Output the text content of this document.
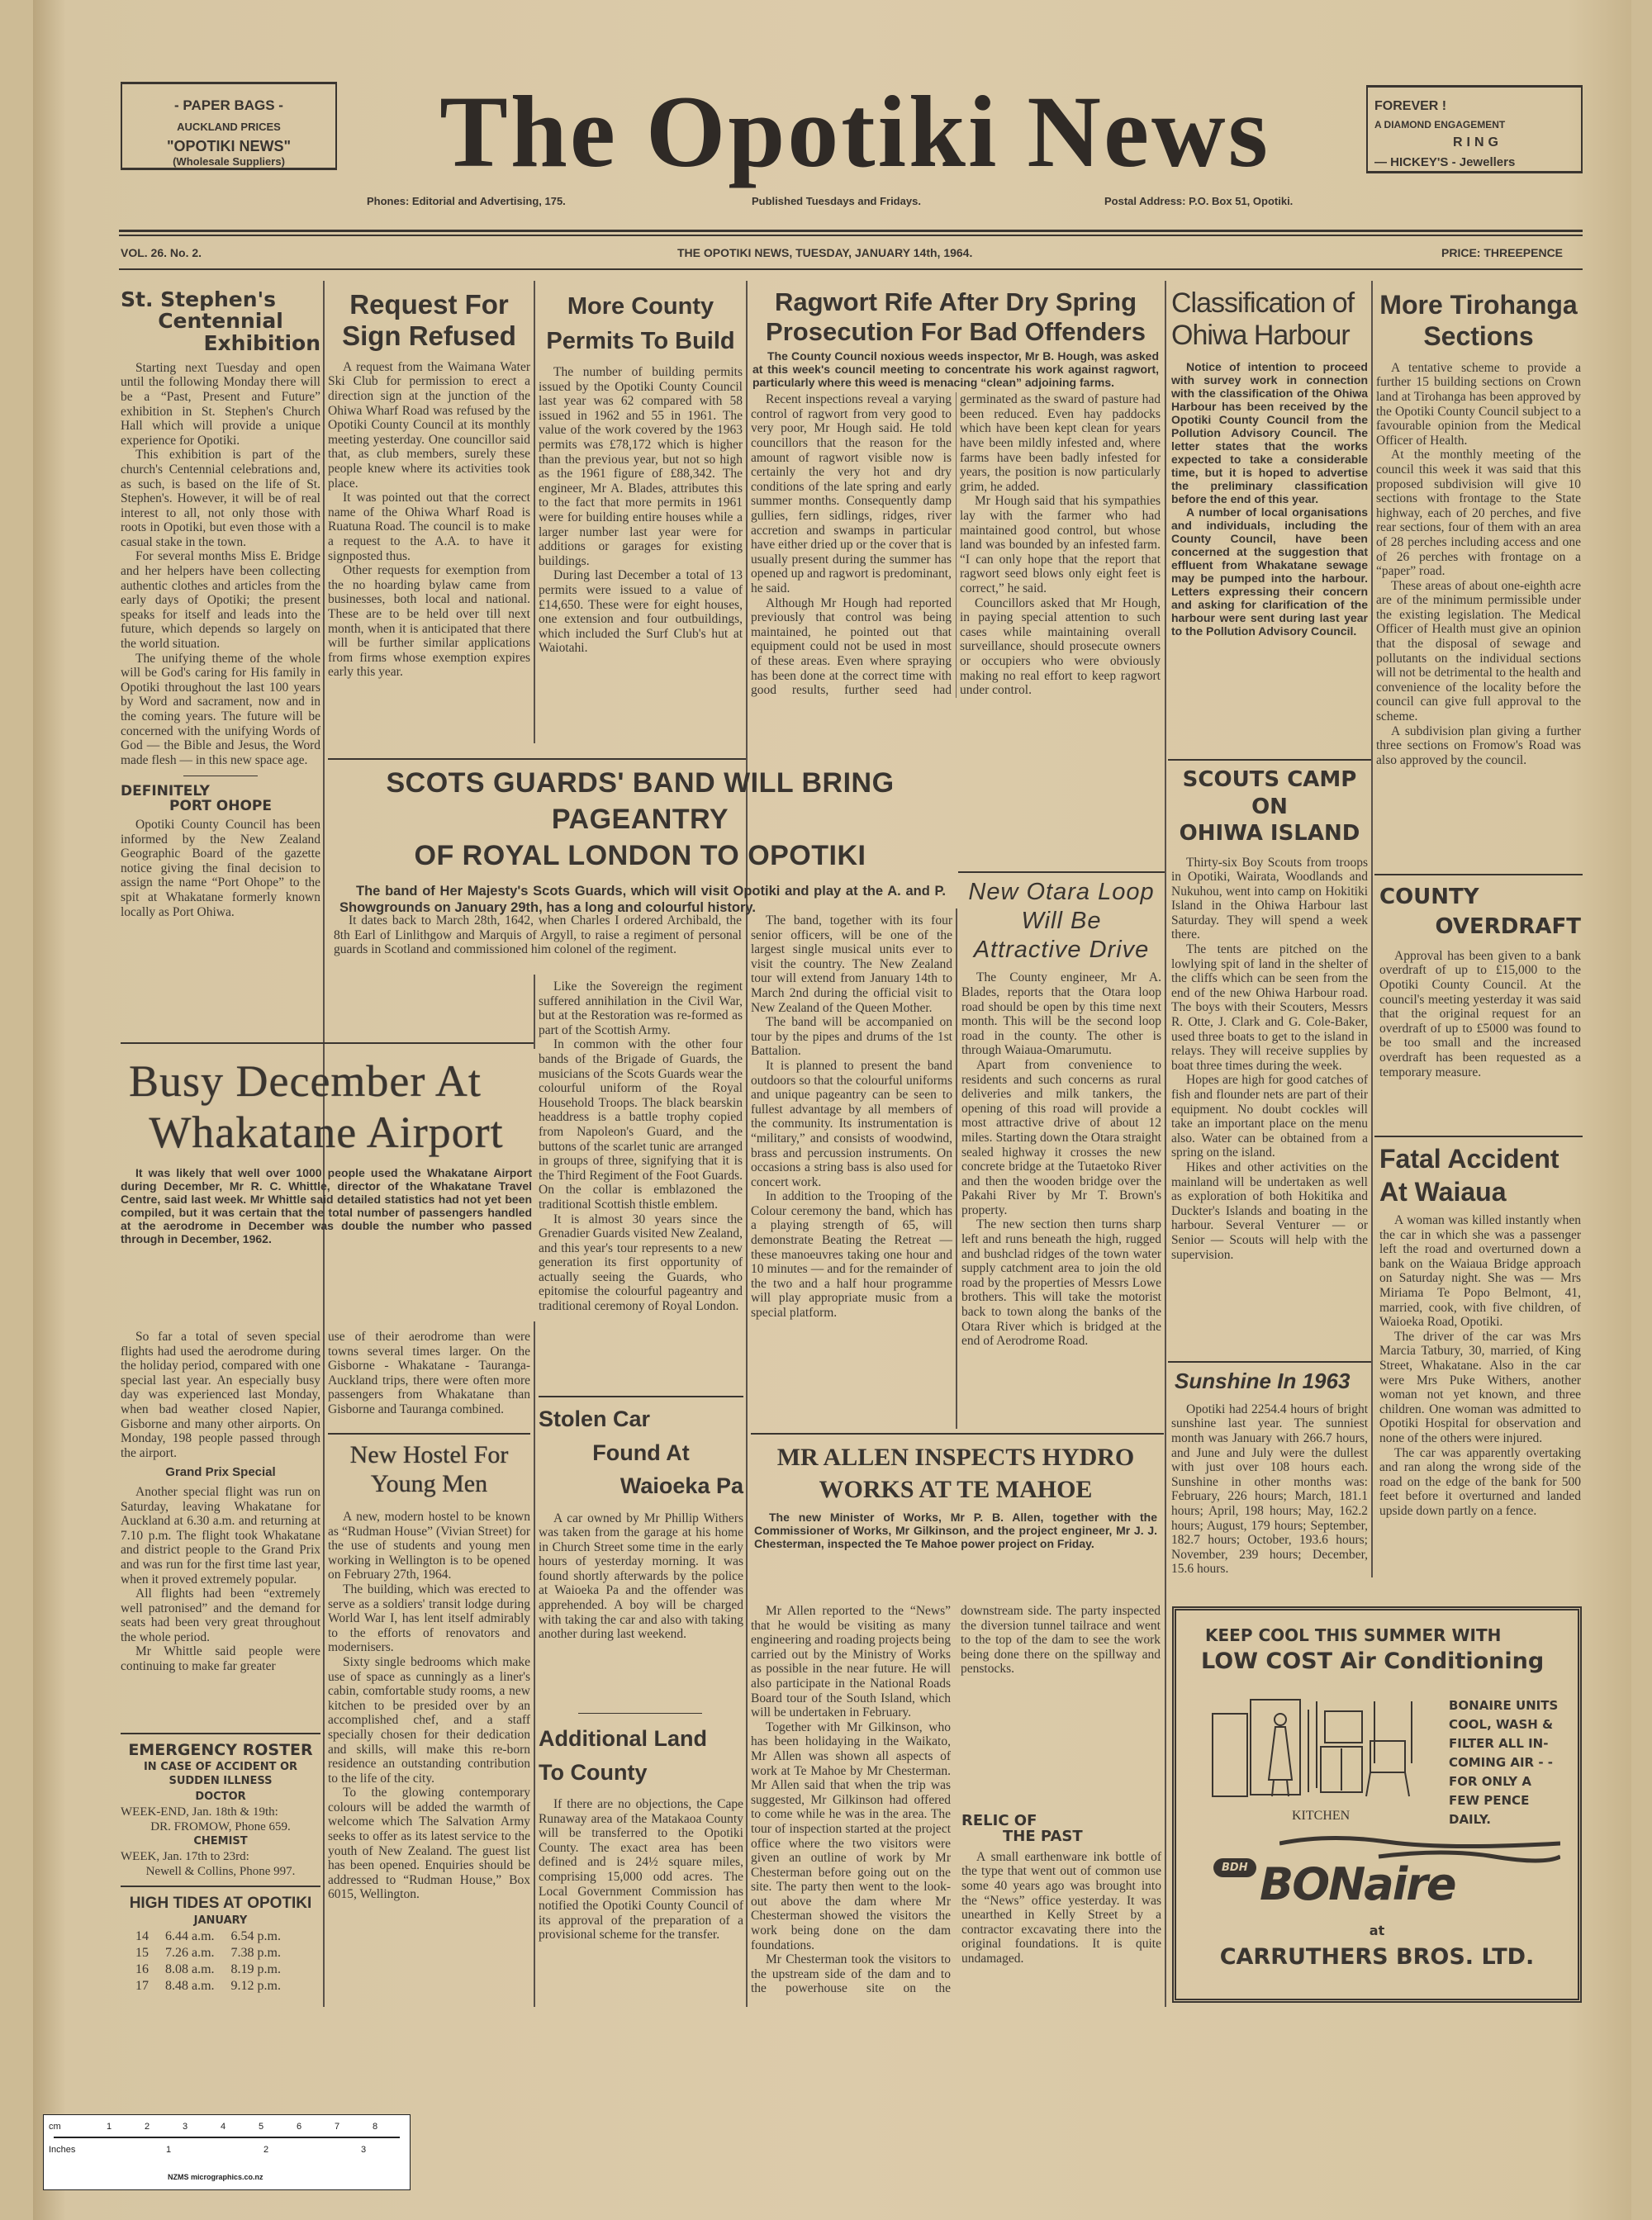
- PAPER BAGS -
AUCKLAND PRICES
"OPOTIKI NEWS"
(Wholesale Suppliers)	The Opotiki News
Phones: Editorial and Advertising, 175.	Published Tuesdays and Fridays.	Postal Address: P.O. Box 51, Opotiki.
FOREVER !
A DIAMOND ENGAGEMENT
RING
— HICKEY'S - Jewellers
VOL. 26. No. 2.	THE OPOTIKI NEWS, TUESDAY, JANUARY 14th, 1964.	PRICE: THREEPENCE
St. Stephen's
Centennial
Exhibition

Starting next Tuesday and open until the following Monday there will be a “Past, Present and Future” exhibition in St. Stephen's Church Hall which will provide a unique experience for Opotiki.

This exhibition is part of the church's Centennial celebrations and, as such, is based on the life of St. Stephen's. However, it will be of real interest to all, not only those with roots in Opotiki, but even those with a casual stake in the town.

For several months Miss E. Bridge and her helpers have been collecting authentic clothes and articles from the early days of Opotiki; the present speaks for itself and leads into the future, which depends so largely on the world situation.

The unifying theme of the whole will be God's caring for His family in Opotiki throughout the last 100 years by Word and sacrament, now and in the coming years. The future will be concerned with the unifying Words of God — the Bible and Jesus, the Word made flesh — in this new space age.

DEFINITELY
PORT OHOPE

Opotiki County Council has been informed by the New Zealand Geographic Board of the gazette notice giving the final decision to assign the name “Port Ohope” to the spit at Whakatane formerly known locally as Port Ohiwa.

Busy December At
Whakatane Airport

It was likely that well over 1000 people used the Whakatane Airport during December, Mr R. C. Whittle, director of the Whakatane Travel Centre, said last week. Mr Whittle said detailed statistics had not yet been compiled, but it was certain that the total number of passengers handled at the aerodrome in December was double the number who passed through in December, 1962.

So far a total of seven special flights had used the aerodrome during the holiday period, compared with one special last year. An especially busy day was experienced last Monday, when bad weather closed Napier, Gisborne and many other airports. On Monday, 198 people passed through the airport.

Grand Prix Special

Another special flight was run on Saturday, leaving Whakatane for Auckland at 6.30 a.m. and returning at 7.10 p.m. The flight took Whakatane and district people to the Grand Prix and was run for the first time last year, when it proved extremely popular.

All flights had been “extremely well patronised” and the demand for seats had been very great throughout the whole period.

Mr Whittle said people were continuing to make far greater

use of their aerodrome than were towns several times larger. On the Gisborne - Whakatane - Tauranga-Auckland trips, there were often more passengers from Whakatane than Gisborne and Tauranga combined.

EMERGENCY ROSTER
IN CASE OF ACCIDENT OR SUDDEN ILLNESS
DOCTOR
WEEK-END, Jan. 18th & 19th:
DR. FROMOW, Phone 659.
CHEMIST
WEEK, Jan. 17th to 23rd:
Newell & Collins, Phone 997.
HIGH TIDES AT OPOTIKI
JANUARY
14	6.44 a.m.	6.54 p.m.
15	7.26 a.m.	7.38 p.m.
16	8.08 a.m.	8.19 p.m.
17	8.48 a.m.	9.12 p.m.
Request For
Sign Refused

A request from the Waimana Water Ski Club for permission to erect a direction sign at the junction of the Ohiwa Wharf Road was refused by the Opotiki County Council at its monthly meeting yesterday. One councillor said that, as club members, surely these people knew where its activities took place.

It was pointed out that the correct name of the Ohiwa Wharf Road is Ruatuna Road. The council is to make a request to the A.A. to have it signposted thus.

Other requests for exemption from the no hoarding bylaw came from businesses, both local and national. These are to be held over till next month, when it is anticipated that there will be further similar applications from firms whose exemption expires early this year.

More County
Permits To Build

The number of building permits issued by the Opotiki County Council last year was 62 compared with 58 issued in 1962 and 55 in 1961. The value of the work covered by the 1963 permits was £78,172 which is higher than the previous year, but not so high as the 1961 figure of £88,342. The engineer, Mr A. Blades, attributes this to the fact that more permits in 1961 were for building entire houses while a larger number last year were for additions or garages for existing buildings.

During last December a total of 13 permits were issued to a value of £14,650. These were for eight houses, one extension and four outbuildings, which included the Surf Club's hut at Waiotahi.

Ragwort Rife After Dry Spring
Prosecution For Bad Offenders

The County Council noxious weeds inspector, Mr B. Hough, was asked at this week's council meeting to concentrate his work against ragwort, particularly where this weed is menacing “clean” adjoining farms.

Recent inspections reveal a varying control of ragwort from very good to very poor, Mr Hough said. He told councillors that the reason for the amount of ragwort visible now is certainly the very hot and dry conditions of the late spring and early summer months. Consequently damp gullies, fern sidlings, ridges, river accretion and swamps in particular have either dried up or the cover that is usually present during the summer has opened up and ragwort is predominant, he said.

Although Mr Hough had reported previously that control was being maintained, he pointed out that equipment could not be used in most of these areas. Even where spraying has been done at the correct time with good results, further seed had germinated as the sward of pasture had been reduced. Even hay paddocks which have been kept clean for years have been mildly infested and, where farms have been badly infested for years, the position is now particularly grim, he added.

Mr Hough said that his sympathies lay with the farmer who had maintained good control, but whose land was bounded by an infested farm. “I can only hope that the report that ragwort seed blows only eight feet is correct,” he said.

Councillors asked that Mr Hough, in paying special attention to such cases while maintaining overall surveillance, should prosecute owners or occupiers who were obviously making no real effort to keep ragwort under control.

SCOTS GUARDS' BAND WILL BRING PAGEANTRY
OF ROYAL LONDON TO OPOTIKI

The band of Her Majesty's Scots Guards, which will visit Opotiki and play at the A. and P. Showgrounds on January 29th, has a long and colourful history.

It dates back to March 28th, 1642, when Charles I ordered Archibald, the 8th Earl of Linlithgow and Marquis of Argyll, to raise a regiment of personal guards in Scotland and commissioned him colonel of the regiment.

Like the Sovereign the regiment suffered annihilation in the Civil War, but at the Restoration was re-formed as part of the Scottish Army.

In common with the other four bands of the Brigade of Guards, the musicians of the Scots Guards wear the colourful uniform of the Royal Household Troops. The black bearskin headdress is a battle trophy copied from Napoleon's Guard, and the buttons of the scarlet tunic are arranged in groups of three, signifying that it is the Third Regiment of the Foot Guards. On the collar is emblazoned the traditional Scottish thistle emblem.

It is almost 30 years since the Grenadier Guards visited New Zealand, and this year's tour represents to a new generation its first opportunity of actually seeing the Guards, who epitomise the colourful pageantry and traditional ceremony of Royal London.

The band, together with its four senior officers, will be one of the largest single musical units ever to visit the country. The New Zealand tour will extend from January 14th to March 2nd during the official visit to New Zealand of the Queen Mother.

The band will be accompanied on tour by the pipes and drums of the 1st Battalion.

It is planned to present the band outdoors so that the colourful uniforms and unique pageantry can be seen to fullest advantage by all members of the community. Its instrumentation is “military,” and consists of woodwind, brass and percussion instruments. On occasions a string bass is also used for concert work.

In addition to the Trooping of the Colour ceremony the band, which has a playing strength of 65, will demonstrate Beating the Retreat — these manoeuvres taking one hour and 10 minutes — and for the remainder of the two and a half hour programme will play appropriate music from a special platform.

New Hostel For
Young Men

A new, modern hostel to be known as “Rudman House” (Vivian Street) for the use of students and young men working in Wellington is to be opened on February 27th, 1964.

The building, which was erected to serve as a soldiers' transit lodge during World War I, has lent itself admirably to the efforts of renovators and modernisers.

Sixty single bedrooms which make use of space as cunningly as a liner's cabin, comfortable study rooms, a new kitchen to be presided over by an accomplished chef, and a staff specially chosen for their dedication and skills, will make this re-born residence an outstanding contribution to the life of the city.

To the glowing contemporary colours will be added the warmth of welcome which The Salvation Army seeks to offer as its latest service to the youth of New Zealand. The guest list has been opened. Enquiries should be addressed to “Rudman House,” Box 6015, Wellington.

Stolen Car
Found At
Waioeka Pa

A car owned by Mr Phillip Withers was taken from the garage at his home in Church Street some time in the early hours of yesterday morning. It was found shortly afterwards by the police at Waioeka Pa and the offender was apprehended. A boy will be charged with taking the car and also with taking another during last weekend.

Additional Land
To County

If there are no objections, the Cape Runaway area of the Matakaoa County will be transferred to the Opotiki County. The exact area has been defined and is 24½ square miles, comprising 15,000 odd acres. The Local Government Commission has notified the Opotiki County Council of its approval of the preparation of a provisional scheme for the transfer.

New Otara Loop
Will Be
Attractive Drive

The County engineer, Mr A. Blades, reports that the Otara loop road should be open by this time next month. This will be the second loop road in the county. The other is through Waiaua-Omarumutu.

Apart from convenience to residents and such concerns as rural deliveries and milk tankers, the opening of this road will provide a most attractive drive of about 12 miles. Starting down the Otara straight sealed highway it crosses the new concrete bridge at the Tutaetoko River and then the wooden bridge over the Pakahi River by Mr T. Brown's property.

The new section then turns sharp left and runs beneath the high, rugged and bushclad ridges of the town water supply catchment area to join the old road by the properties of Messrs Lowe brothers. This will take the motorist back to town along the banks of the Otara River which is bridged at the end of Aerodrome Road.

MR ALLEN INSPECTS HYDRO
WORKS AT TE MAHOE

The new Minister of Works, Mr P. B. Allen, together with the Commissioner of Works, Mr Gilkinson, and the project engineer, Mr J. J. Chesterman, inspected the Te Mahoe power project on Friday.

Mr Allen reported to the “News” that he would be visiting as many engineering and roading projects being carried out by the Ministry of Works as possible in the near future. He will also participate in the National Roads Board tour of the South Island, which will be undertaken in February.

Together with Mr Gilkinson, who has been holidaying in the Waikato, Mr Allen was shown all aspects of work at Te Mahoe by Mr Chesterman. Mr Allen said that when the trip was suggested, Mr Gilkinson had offered to come while he was in the area. The tour of inspection started at the project office where the two visitors were given an outline of work by Mr Chesterman before going out on the site. The party then went to the look-out above the dam where Mr Chesterman showed the visitors the work being done on the dam foundations.

Mr Chesterman took the visitors to the upstream side of the dam and to the powerhouse site on the downstream side. The party inspected the diversion tunnel tailrace and went to the top of the dam to see the work being done there on the spillway and penstocks.

RELIC OF
THE PAST

A small earthenware ink bottle of the type that went out of common use some 40 years ago was brought into the “News” office yesterday. It was unearthed in Kelly Street by a contractor excavating there into the original foundations. It is quite undamaged.

Classification of
Ohiwa Harbour

Notice of intention to proceed with survey work in connection with the classification of the Ohiwa Harbour has been received by the Opotiki County Council from the Pollution Advisory Council. The letter states that the works expected to take a considerable time, but it is hoped to advertise the preliminary classification before the end of this year.

A number of local organisations and individuals, including the County Council, have been concerned at the suggestion that effluent from Whakatane sewage may be pumped into the harbour. Letters expressing their concern and asking for clarification of the harbour were sent during last year to the Pollution Advisory Council.

SCOUTS CAMP
ON
OHIWA ISLAND

Thirty-six Boy Scouts from troops in Opotiki, Wairata, Woodlands and Nukuhou, went into camp on Hokitiki Island in the Ohiwa Harbour last Saturday. They will spend a week there.

The tents are pitched on the lowlying spit of land in the shelter of the cliffs which can be seen from the end of the new Ohiwa Harbour road. The boys with their Scouters, Messrs R. Otte, J. Clark and G. Cole-Baker, used three boats to get to the island in relays. They will receive supplies by boat three times during the week.

Hopes are high for good catches of fish and flounder nets are part of their equipment. No doubt cockles will take an important place on the menu also. Water can be obtained from a spring on the island.

Hikes and other activities on the mainland will be undertaken as well as exploration of both Hokitika and Duckter's Islands and boating in the harbour. Several Venturer — or Senior — Scouts will help with the supervision.

Sunshine In 1963

Opotiki had 2254.4 hours of bright sunshine last year. The sunniest month was January with 266.7 hours, and June and July were the dullest with just over 108 hours each. Sunshine in other months was: February, 226 hours; March, 181.1 hours; April, 198 hours; May, 162.2 hours; August, 179 hours; September, 182.7 hours; October, 193.6 hours; November, 239 hours; December, 15.6 hours.

More Tirohanga
Sections

A tentative scheme to provide a further 15 building sections on Crown land at Tirohanga has been approved by the Opotiki County Council subject to a favourable opinion from the Medical Officer of Health.

At the monthly meeting of the council this week it was said that this proposed subdivision will give 10 sections with frontage to the State highway, each of 20 perches, and five rear sections, four of them with an area of 28 perches including access and one of 26 perches with frontage on a “paper” road.

These areas of about one-eighth acre are of the minimum permissible under the existing legislation. The Medical Officer of Health must give an opinion that the disposal of sewage and pollutants on the individual sections will not be detrimental to the health and convenience of the locality before the council can give full approval to the scheme.

A subdivision plan giving a further three sections on Fromow's Road was also approved by the council.

COUNTY
OVERDRAFT

Approval has been given to a bank overdraft of up to £15,000 to the Opotiki County Council. At the council's meeting yesterday it was said that the original request for an overdraft of up to £5000 was found to be too small and the increased overdraft has been requested as a temporary measure.

Fatal Accident
At Waiaua

A woman was killed instantly when the car in which she was a passenger left the road and overturned down a bank on the Waiaua Bridge approach on Saturday night. She was — Mrs Miriama Te Popo Belmont, 41, married, cook, with five children, of Waioeka Road, Opotiki.

The driver of the car was Mrs Marcia Tatbury, 30, married, of King Street, Whakatane. Also in the car were Mrs Puke Withers, another woman not yet known, and three children. One woman was admitted to Opotiki Hospital for observation and none of the others were injured.

The car was apparently overtaking and ran along the wrong side of the road on the edge of the bank for 500 feet before it overturned and landed upside down partly on a fence.

KEEP COOL THIS SUMMER WITH
LOW COST Air Conditioning
KITCHEN
BONAIRE UNITS
COOL, WASH &
FILTER ALL IN-
COMING AIR - -
FOR ONLY A
FEW PENCE
DAILY.
BDH BONaire
at
CARRUTHERS BROS. LTD.
cm
Inches
1	2	3	4	5	6	7	8
1	2	3
NZMS micrographics.co.nz
